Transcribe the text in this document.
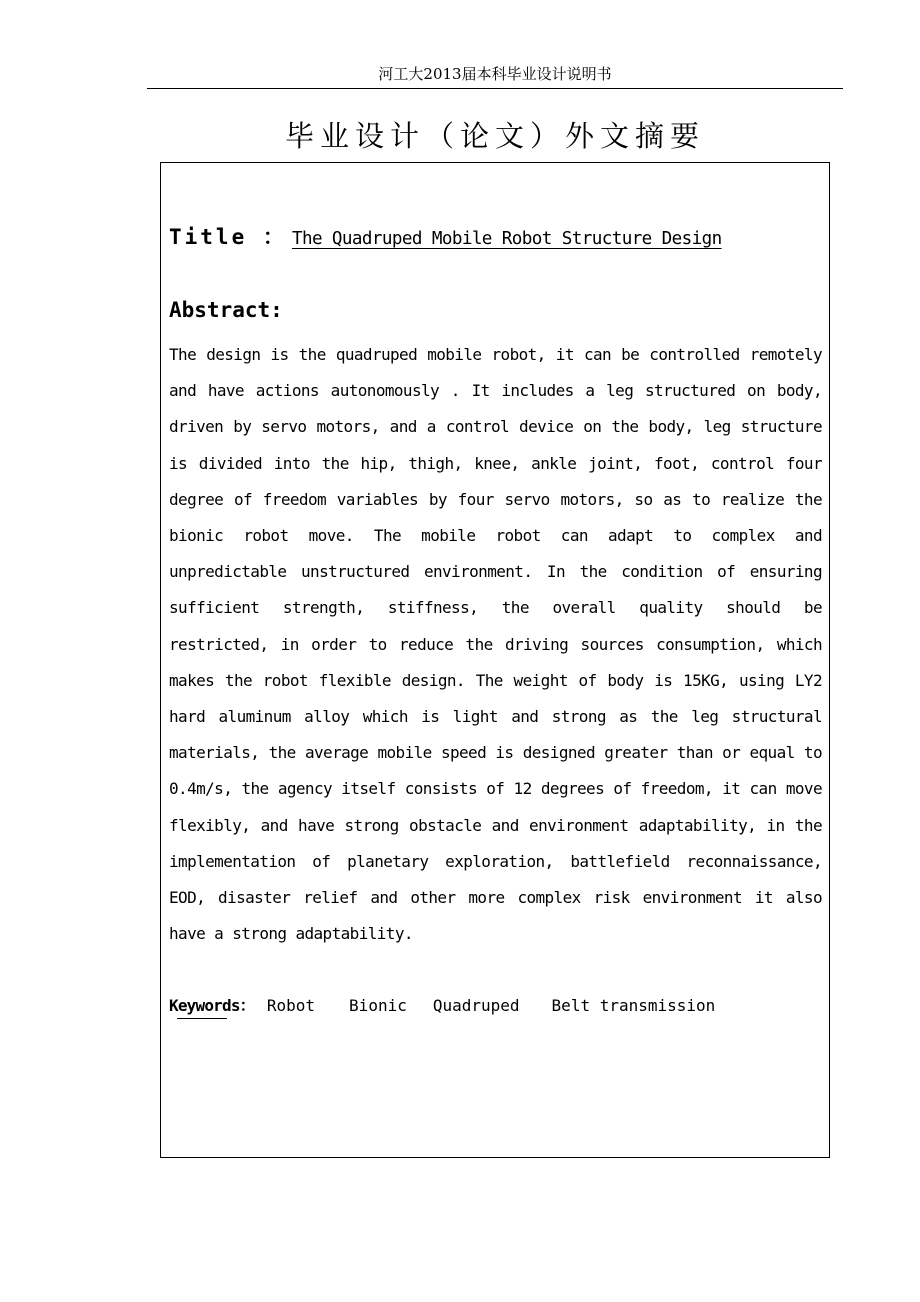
河工大2013届本科毕业设计说明书
毕业设计（论文）外文摘要
Title ： The Quadruped Mobile Robot Structure Design
Abstract:

The design is the quadruped mobile robot, it can be controlled remotely and have actions autonomously . It includes a leg structured on body, driven by servo motors, and a control device on the body, leg structure is divided into the hip, thigh, knee, ankle joint, foot, control four degree of freedom variables by four servo motors, so as to realize the bionic robot move. The mobile robot can adapt to complex and unpredictable unstructured environment. In the condition of ensuring sufficient strength, stiffness, the overall quality should be restricted, in order to reduce the driving sources consumption, which makes the robot flexible design. The weight of body is 15KG, using LY2 hard aluminum alloy which is light and strong as the leg structural materials, the average mobile speed is designed greater than or equal to 0.4m/s, the agency itself consists of 12 degrees of freedom, it can move flexibly, and have strong obstacle and environment adaptability, in the implementation of planetary exploration, battlefield reconnaissance, EOD, disaster relief and other more complex risk environment it also have a strong adaptability.

Keywords： Robot Bionic Quadruped Belt transmission
